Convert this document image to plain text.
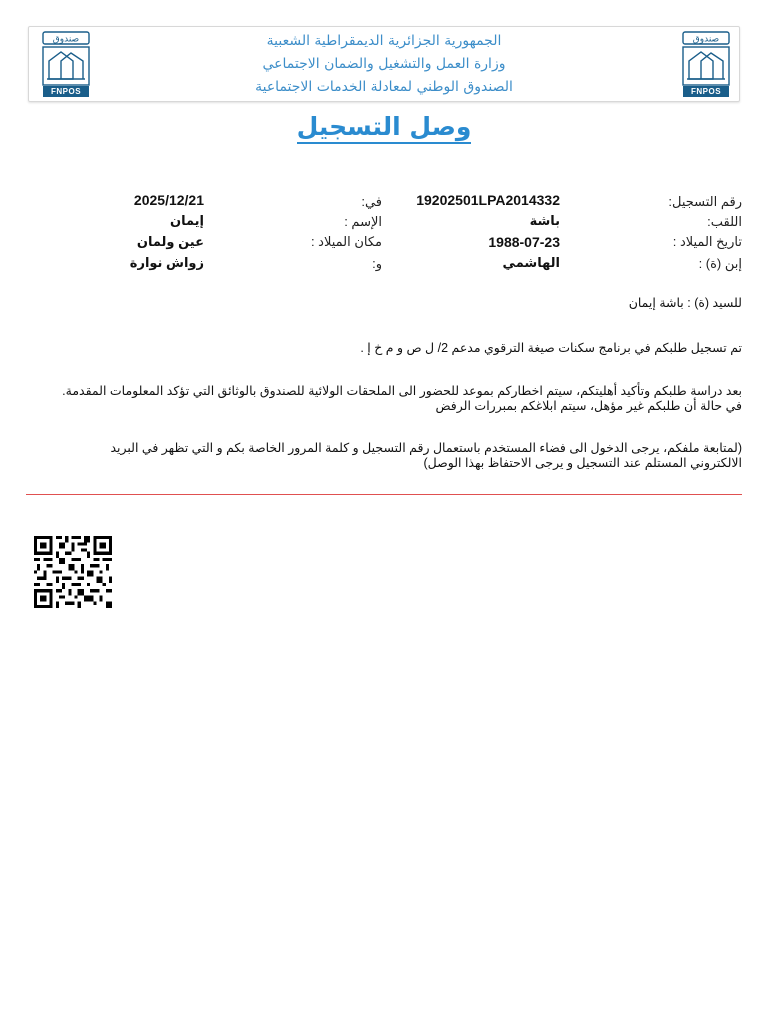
صندوق
FNPOS
الجمهورية الجزائرية الديمقراطية الشعبية
وزارة العمل والتشغيل والضمان الاجتماعي
الصندوق الوطني لمعادلة الخدمات الاجتماعية
صندوق
FNPOS
وصل التسجيل
رقم التسجيل:
اللقب:
تاريخ الميلاد :
إبن (ة) :
19202501LPA2014332
باشة
1988-07-23
الهاشمي
في:
الإسم :
مكان الميلاد :
و:
2025/12/21
إيمان
عين ولمان
زواش نوارة
للسيد (ة) : باشة إيمان
تم تسجيل طلبكم في برنامج سكنات صيغة الترقوي مدعم 2/ ل ص و م خ إ .
بعد دراسة طلبكم وتأكيد أهليتكم، سيتم اخطاركم بموعد للحضور الى الملحقات الولائية للصندوق بالوثائق التي تؤكد المعلومات المقدمة.
في حالة أن طلبكم غير مؤهل، سيتم ابلاغكم بمبررات الرفض
(لمتابعة ملفكم، يرجى الدخول الى فضاء المستخدم باستعمال رقم التسجيل و كلمة المرور الخاصة بكم و التي تظهر في البريد
الالكتروني المستلم عند التسجيل و يرجى الاحتفاظ بهذا الوصل)
